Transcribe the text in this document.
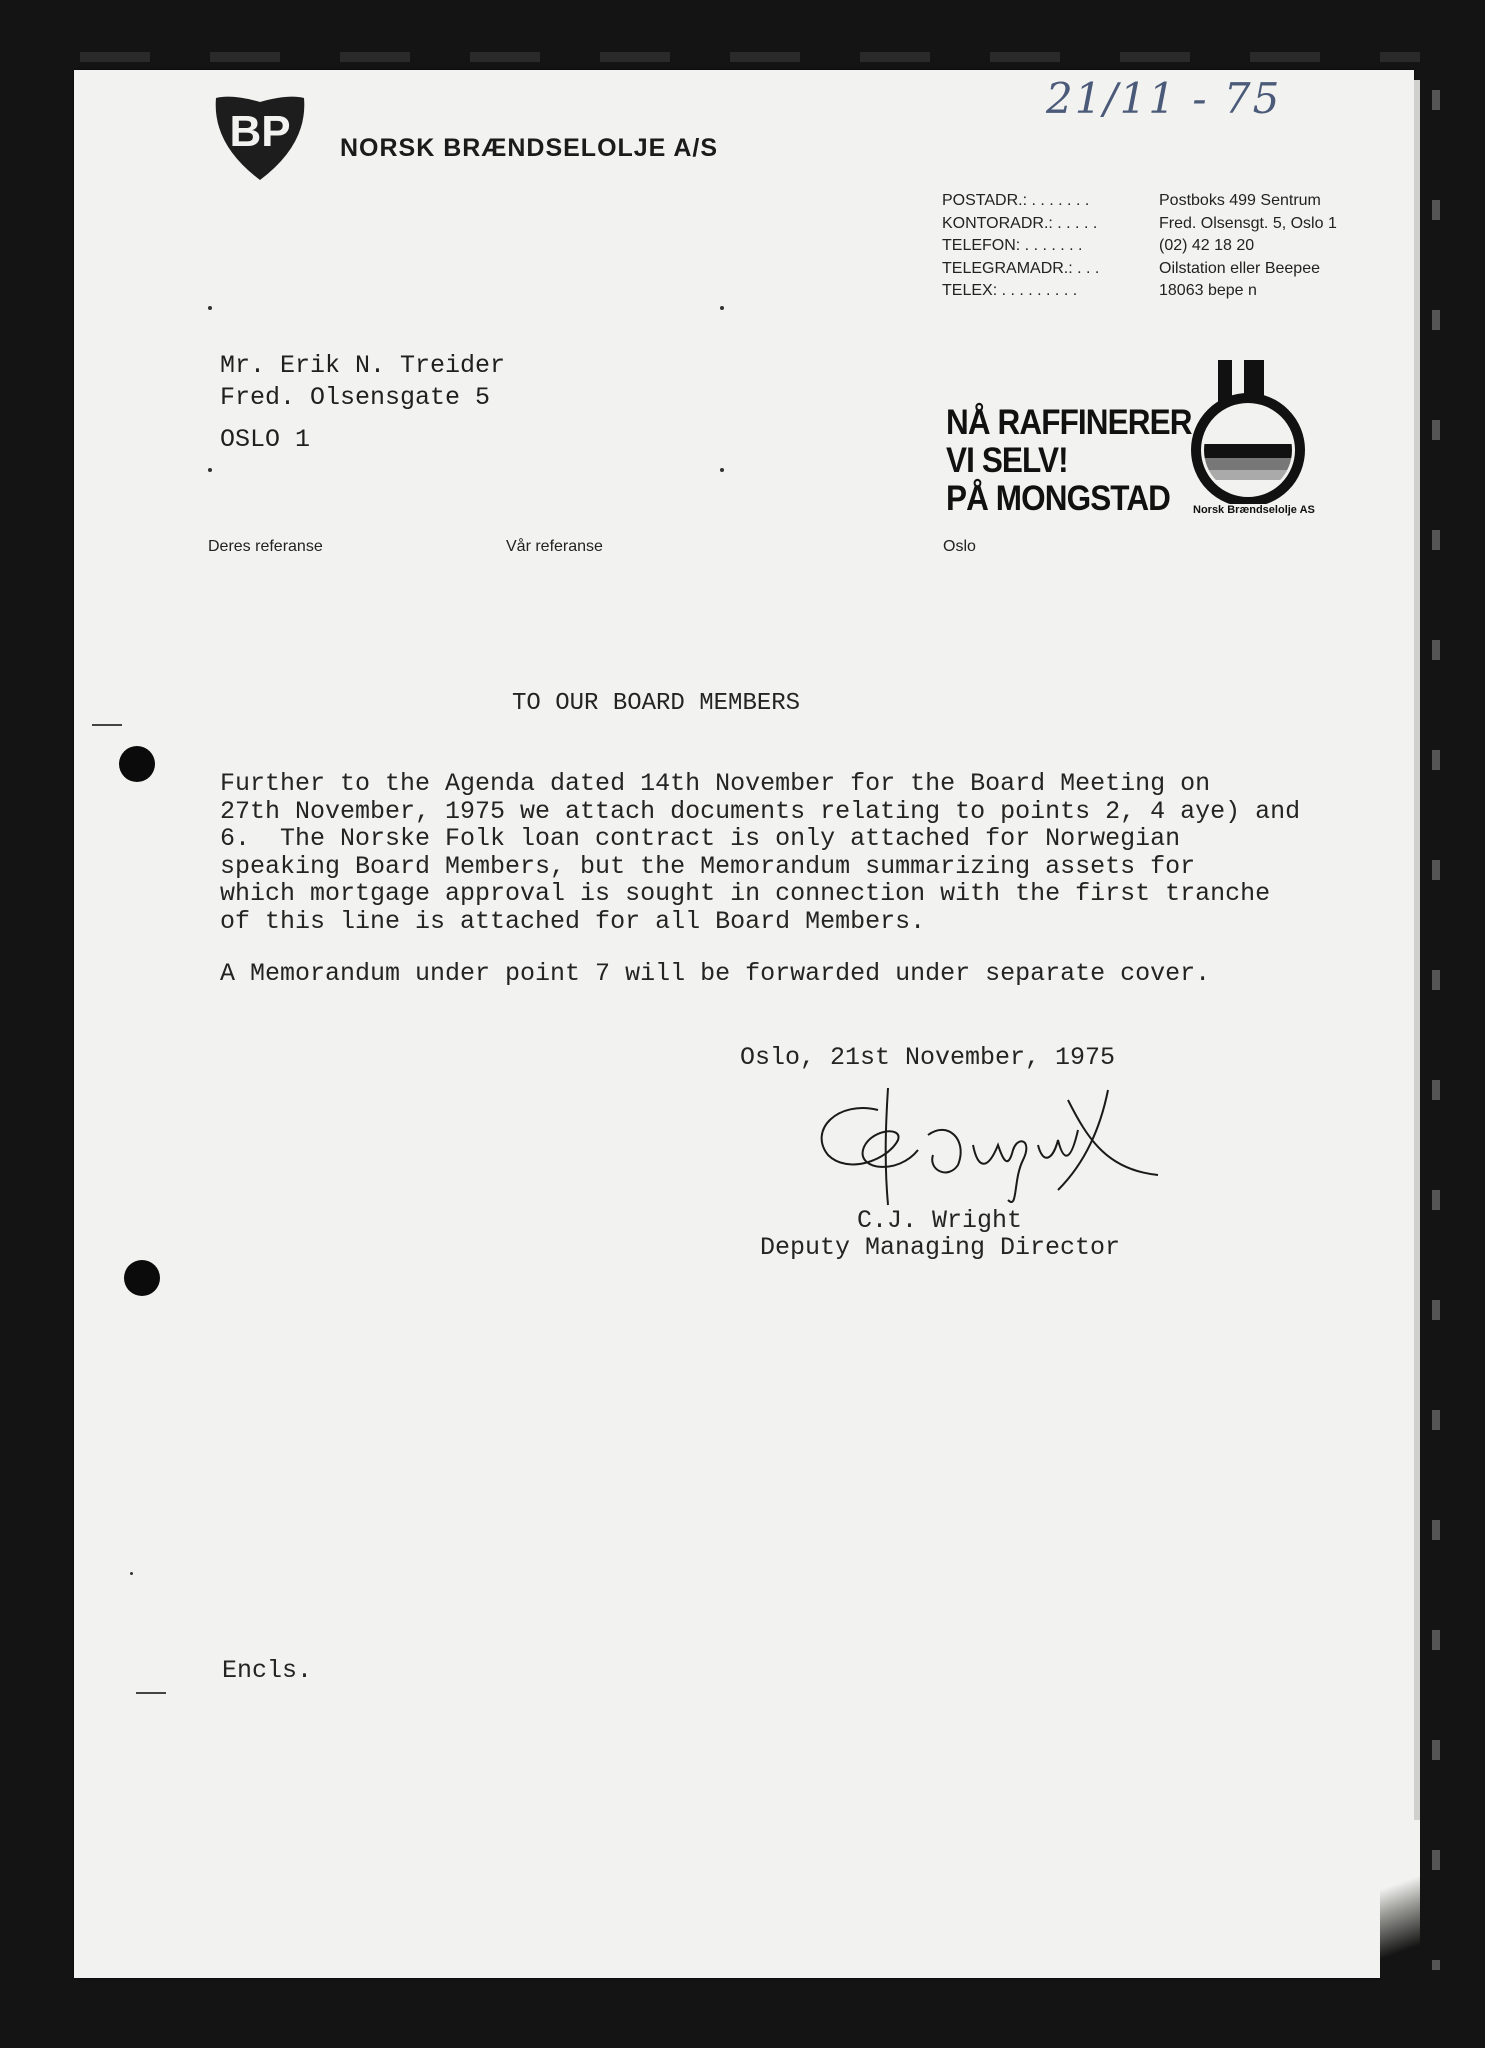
BP NORSK BRÆNDSELOLJE A/S
21/11 - 75
POSTADR.: . . . . . . .	Postboks 499 Sentrum
KONTORADR.: . . . . .	Fred. Olsensgt. 5, Oslo 1
TELEFON: . . . . . . .	(02) 42 18 20
TELEGRAMADR.: . . .	Oilstation eller Beepee
TELEX: . . . . . . . . .	18063 bepe n
Mr. Erik N. Treider
Fred. Olsensgate 5
OSLO 1	NÅ RAFFINERER
VI SELV!
PÅ MONGSTAD	Norsk Brændselolje AS
Deres referanse	Vår referanse	Oslo
TO OUR BOARD MEMBERS

Further to the Agenda dated 14th November for the Board Meeting on
27th November, 1975 we attach documents relating to points 2, 4 aye) and
6.  The Norske Folk loan contract is only attached for Norwegian
speaking Board Members, but the Memorandum summarizing assets for
which mortgage approval is sought in connection with the first tranche
of this line is attached for all Board Members.

A Memorandum under point 7 will be forwarded under separate cover.

Oslo, 21st November, 1975
C.J. Wright
Deputy Managing Director
Encls.
